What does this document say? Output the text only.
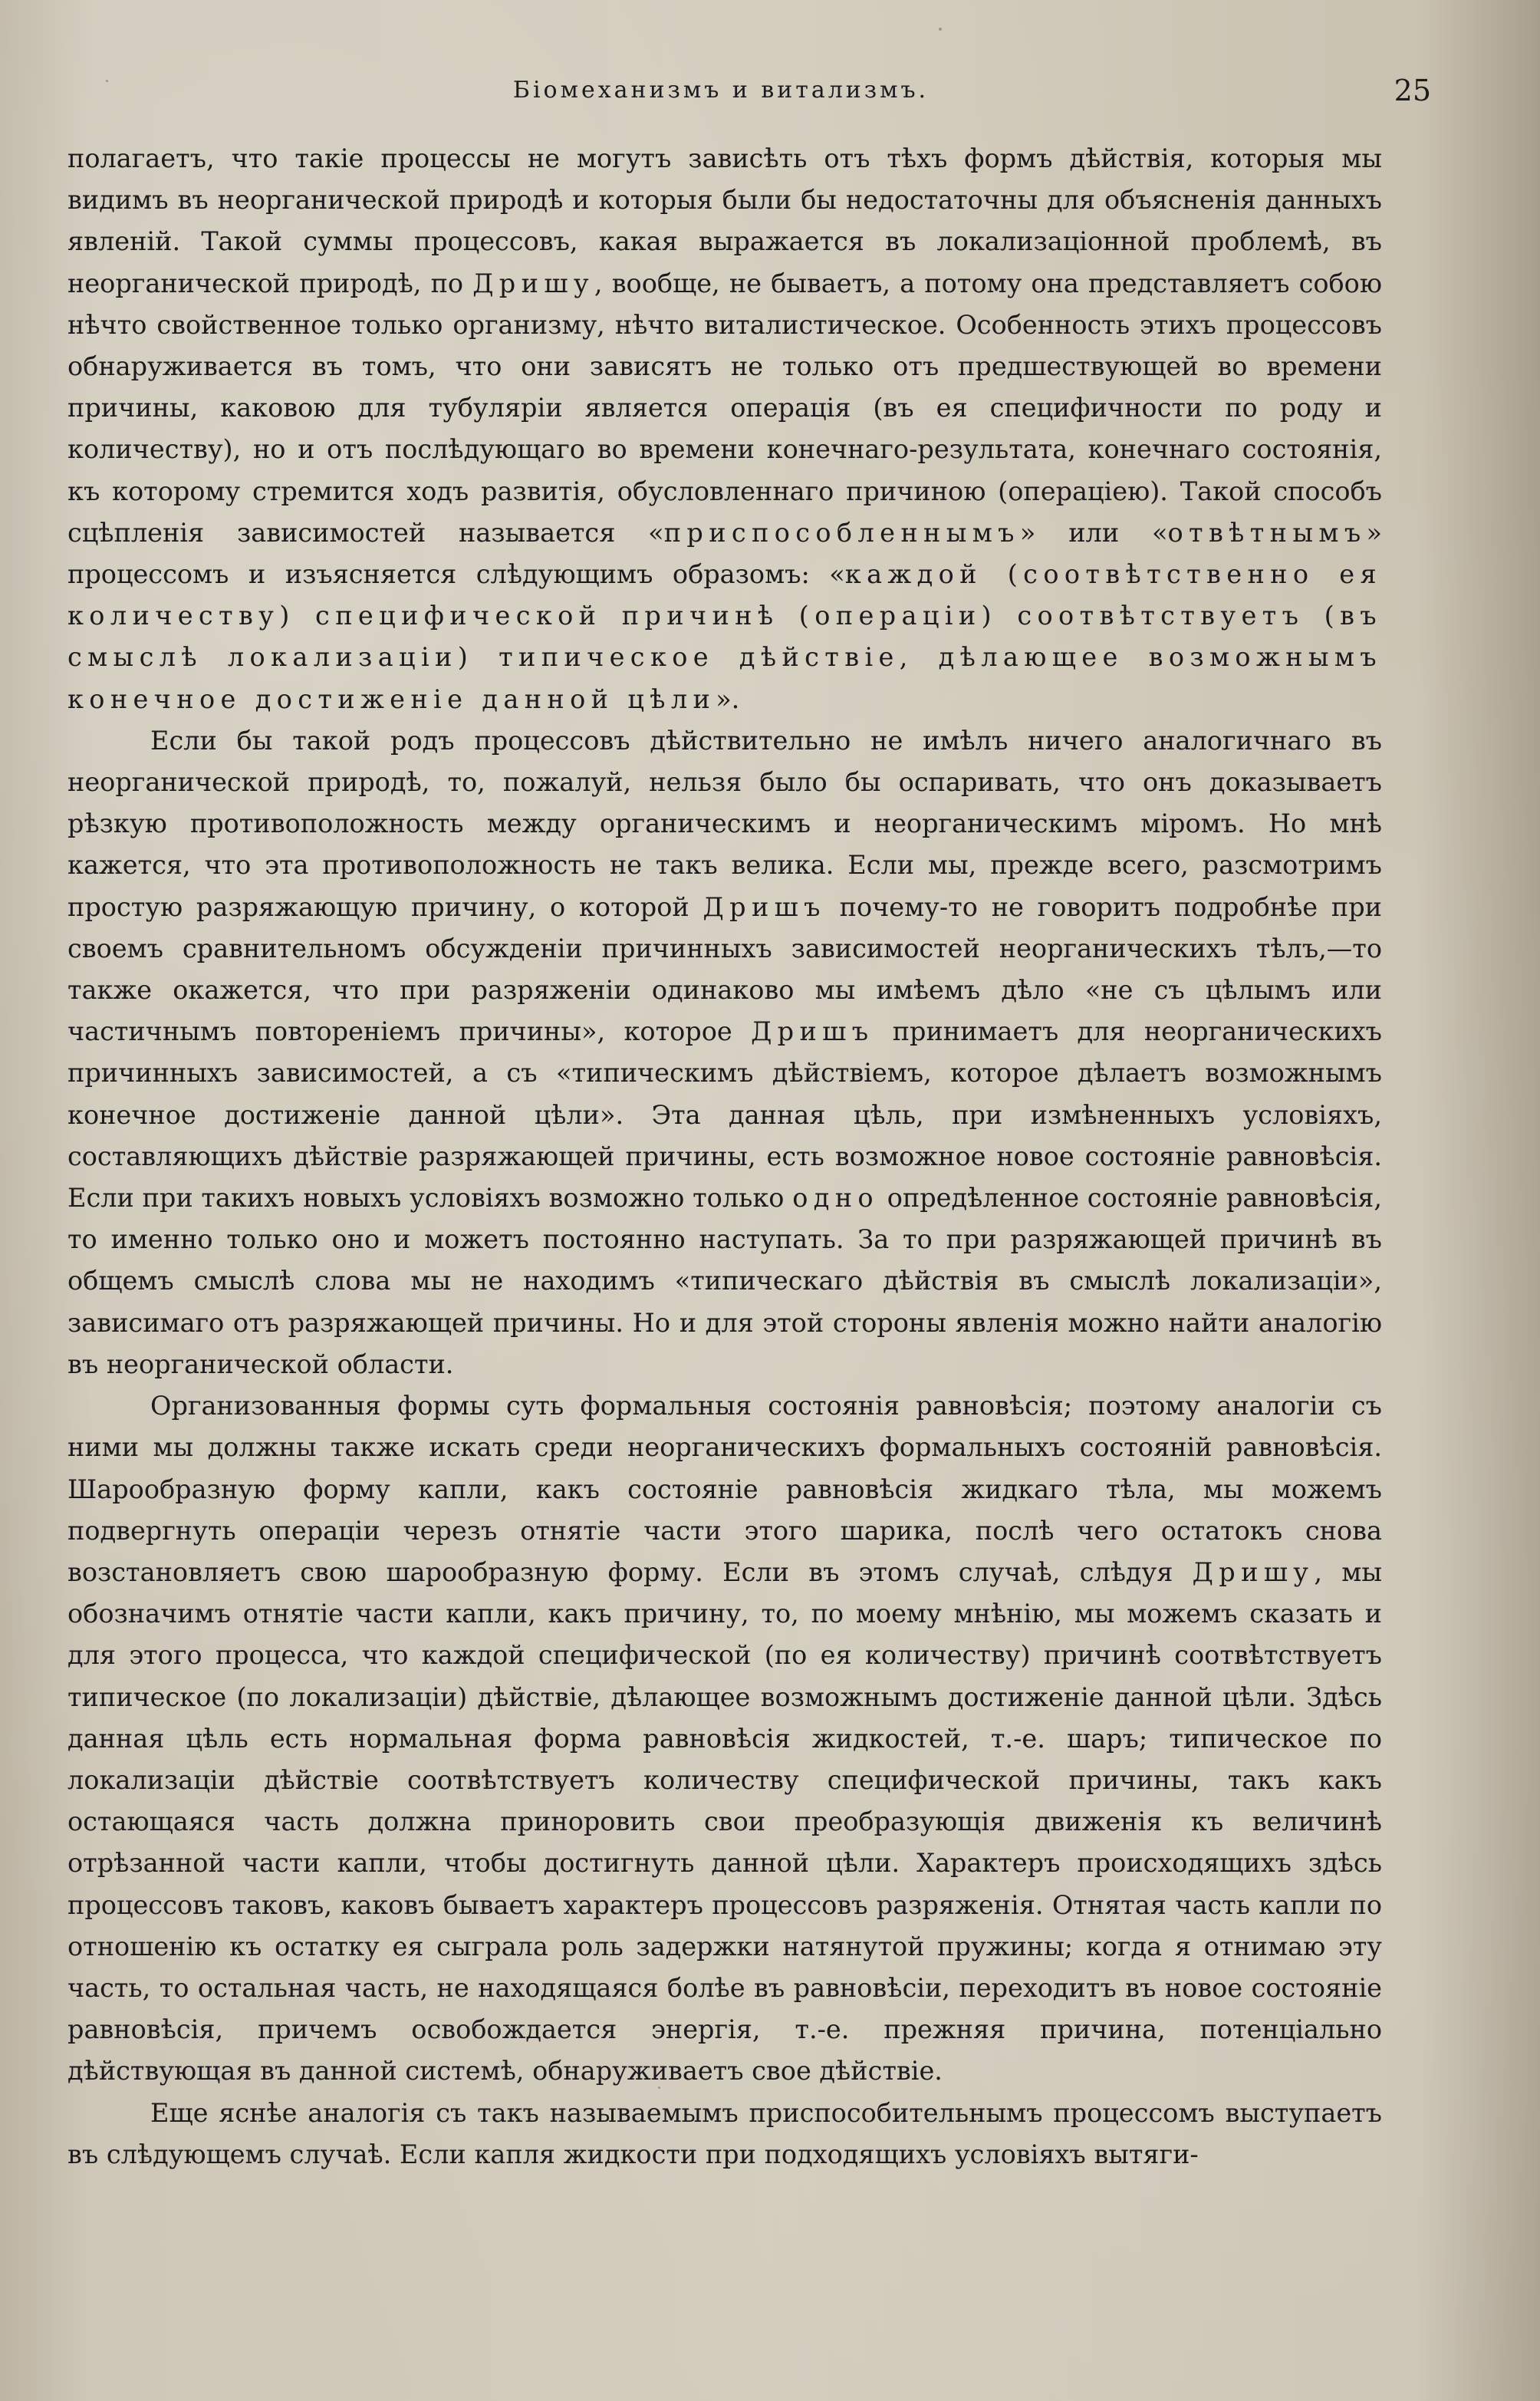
Біомеханизмъ и витализмъ.	25

полагаетъ, что такіе процессы не могутъ зависѣть отъ тѣхъ формъ дѣйствія, которыя мы видимъ въ неорганической природѣ и которыя были бы недостаточны для объясненія данныхъ явленій. Такой суммы процессовъ, какая выражается въ локализаціонной проблемѣ, въ неорганической природѣ, по Дришу, вообще, не бываетъ, а потому она представляетъ собою нѣчто свойственное только организму, нѣчто виталистическое. Особенность этихъ процессовъ обнаруживается въ томъ, что они зависятъ не только отъ предшествующей во времени причины, каковою для тубуляріи является операція (въ ея специфичности по роду и количеству), но и отъ послѣдующаго во времени конечнаго-результата, конечнаго состоянія, къ которому стремится ходъ развитія, обусловленнаго причиною (операціею). Такой способъ сцѣпленія зависимостей называется «приспособленнымъ» или «отвѣтнымъ» процессомъ и изъясняется слѣдующимъ образомъ: «каждой (соотвѣтственно ея количеству) специфической причинѣ (операціи) соотвѣтствуетъ (въ смыслѣ локализаціи) типическое дѣйствіе, дѣлающее возможнымъ конечное достиженіе данной цѣли».

Если бы такой родъ процессовъ дѣйствительно не имѣлъ ничего аналогичнаго въ неорганической природѣ, то, пожалуй, нельзя было бы оспаривать, что онъ доказываетъ рѣзкую противоположность между органическимъ и неорганическимъ міромъ. Но мнѣ кажется, что эта противоположность не такъ велика. Если мы, прежде всего, разсмотримъ простую разряжающую причину, о которой Дришъ почему-то не говоритъ подробнѣе при своемъ сравнительномъ обсужденіи причинныхъ зависимостей неорганическихъ тѣлъ,—то также окажется, что при разряженіи одинаково мы имѣемъ дѣло «не съ цѣлымъ или частичнымъ повтореніемъ причины», которое Дришъ принимаетъ для неорганическихъ причинныхъ зависимостей, а съ «типическимъ дѣйствіемъ, которое дѣлаетъ возможнымъ конечное достиженіе данной цѣли». Эта данная цѣль, при измѣненныхъ условіяхъ, составляющихъ дѣйствіе разряжающей причины, есть возможное новое состояніе равновѣсія. Если при такихъ новыхъ условіяхъ возможно только одно опредѣленное состояніе равновѣсія, то именно только оно и можетъ постоянно наступать. За то при разряжающей причинѣ въ общемъ смыслѣ слова мы не находимъ «типическаго дѣйствія въ смыслѣ локализаціи», зависимаго отъ разряжающей причины. Но и для этой стороны явленія можно найти аналогію въ неорганической области.

Организованныя формы суть формальныя состоянія равновѣсія; поэтому аналогіи съ ними мы должны также искать среди неорганическихъ формальныхъ состояній равновѣсія. Шарообразную форму капли, какъ состояніе равновѣсія жидкаго тѣла, мы можемъ подвергнуть операціи черезъ отнятіе части этого шарика, послѣ чего остатокъ снова возстановляетъ свою шарообразную форму. Если въ этомъ случаѣ, слѣдуя Дришу, мы обозначимъ отнятіе части капли, какъ причину, то, по моему мнѣнію, мы можемъ сказать и для этого процесса, что каждой специфической (по ея количеству) причинѣ соотвѣтствуетъ типическое (по локализаціи) дѣйствіе, дѣлающее возможнымъ достиженіе данной цѣли. Здѣсь данная цѣль есть нормальная форма равновѣсія жидкостей, т.-е. шаръ; типическое по локализаціи дѣйствіе соотвѣтствуетъ количеству специфической причины, такъ какъ остающаяся часть должна приноровить свои преобразующія движенія къ величинѣ отрѣзанной части капли, чтобы достигнуть данной цѣли. Характеръ происходящихъ здѣсь процессовъ таковъ, каковъ бываетъ характеръ процессовъ разряженія. Отнятая часть капли по отношенію къ остатку ея сыграла роль задержки натянутой пружины; когда я отнимаю эту часть, то остальная часть, не находящаяся болѣе въ равновѣсіи, переходитъ въ новое состояніе равновѣсія, причемъ освобождается энергія, т.-е. прежняя причина, потенціально дѣйствующая въ данной системѣ, обнаруживаетъ свое дѣйствіе.

Еще яснѣе аналогія съ такъ называемымъ приспособительнымъ процессомъ выступаетъ въ слѣдующемъ случаѣ. Если капля жидкости при подходящихъ условіяхъ вытяги-
